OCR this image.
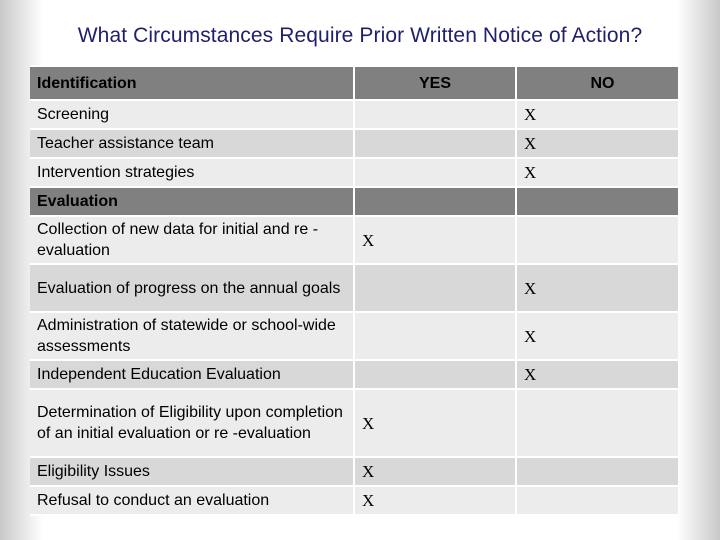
What Circumstances Require Prior Written Notice of Action?
Identification	YES	NO
Screening		X
Teacher assistance team		X
Intervention strategies		X
Evaluation		
Collection of new data for initial and re -evaluation	X	
Evaluation of progress on the annual goals		X
Administration of statewide or school-wide assessments		X
Independent Education Evaluation		X
Determination of Eligibility upon completion of an initial evaluation or re -evaluation	X	
Eligibility Issues	X	
Refusal to conduct an evaluation	X	
